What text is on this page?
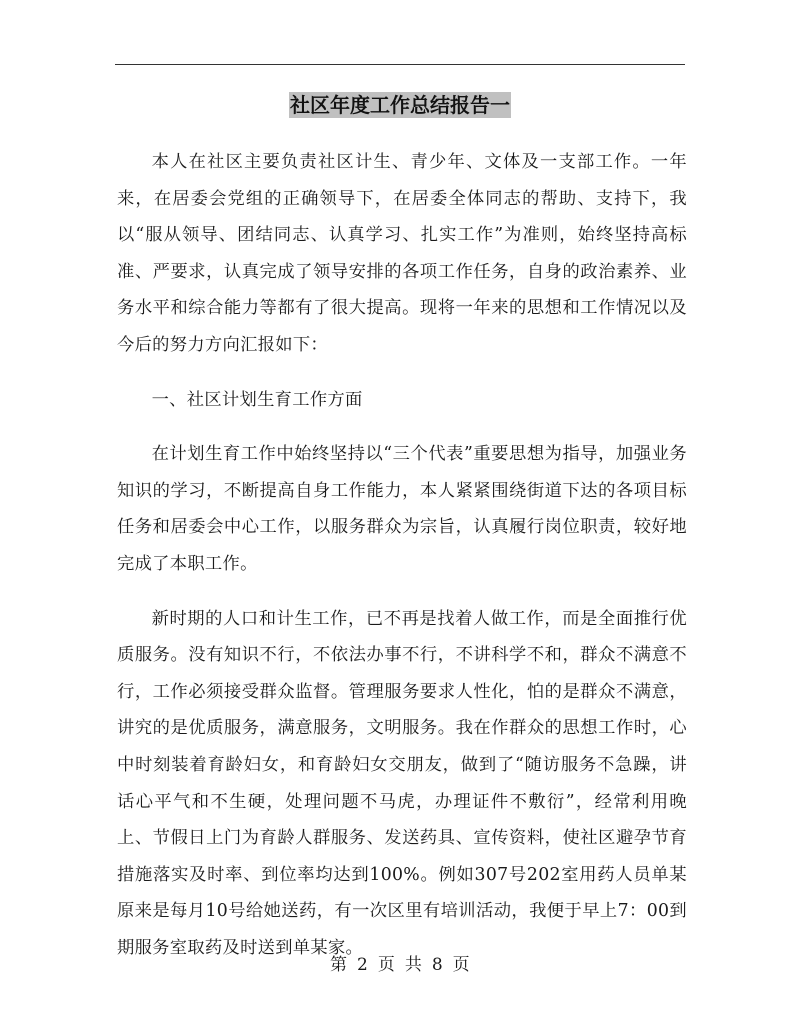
社区年度工作总结报告一

本人在社区主要负责社区计生、青少年、文体及一支部工作。一年来，在居委会党组的正确领导下，在居委全体同志的帮助、支持下，我以“服从领导、团结同志、认真学习、扎实工作”为准则，始终坚持高标准、严要求，认真完成了领导安排的各项工作任务，自身的政治素养、业务水平和综合能力等都有了很大提高。现将一年来的思想和工作情况以及今后的努力方向汇报如下：

一、社区计划生育工作方面

在计划生育工作中始终坚持以“三个代表”重要思想为指导，加强业务知识的学习，不断提高自身工作能力，本人紧紧围绕街道下达的各项目标任务和居委会中心工作，以服务群众为宗旨，认真履行岗位职责，较好地完成了本职工作。

新时期的人口和计生工作，已不再是找着人做工作，而是全面推行优质服务。没有知识不行，不依法办事不行，不讲科学不和，群众不满意不行，工作必须接受群众监督。管理服务要求人性化，怕的是群众不满意，讲究的是优质服务，满意服务，文明服务。我在作群众的思想工作时，心中时刻装着育龄妇女，和育龄妇女交朋友，做到了“随访服务不急躁，讲话心平气和不生硬，处理问题不马虎，办理证件不敷衍”，经常利用晚上、节假日上门为育龄人群服务、发送药具、宣传资料，使社区避孕节育措施落实及时率、到位率均达到100%。例如307号202室用药人员单某原来是每月10号给她送药，有一次区里有培训活动，我便于早上7：00到期服务室取药及时送到单某家。

第 2 页 共 8 页
